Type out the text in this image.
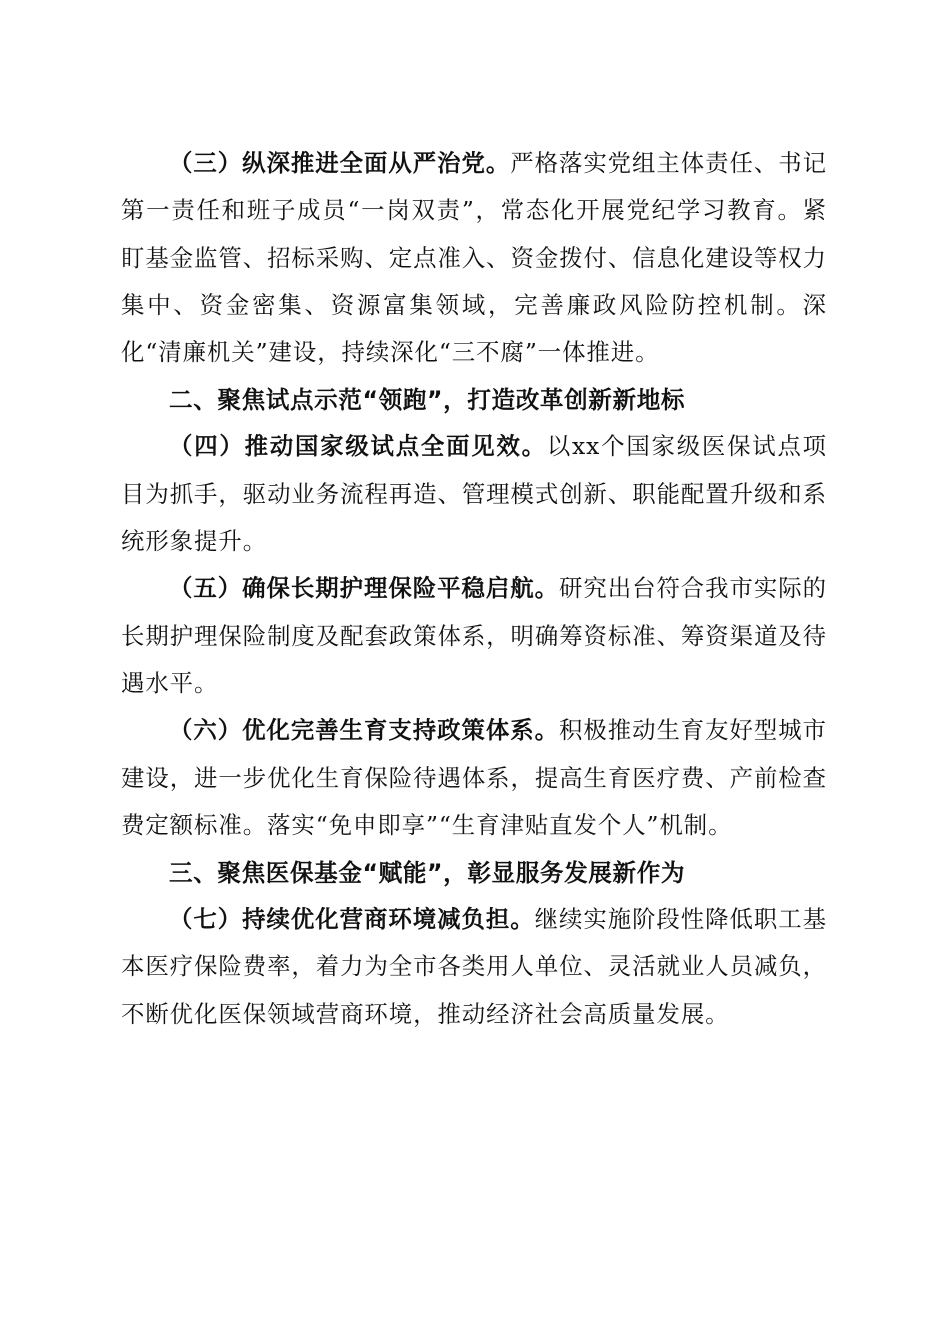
（三）纵深推进全面从严治党。严格落实党组主体责任、书记第一责任和班子成员“一岗双责”，常态化开展党纪学习教育。紧盯基金监管、招标采购、定点准入、资金拨付、信息化建设等权力集中、资金密集、资源富集领域，完善廉政风险防控机制。深化“清廉机关”建设，持续深化“三不腐”一体推进。

二、聚焦试点示范“领跑”，打造改革创新新地标

（四）推动国家级试点全面见效。以xx个国家级医保试点项目为抓手，驱动业务流程再造、管理模式创新、职能配置升级和系统形象提升。

（五）确保长期护理保险平稳启航。研究出台符合我市实际的长期护理保险制度及配套政策体系，明确筹资标准、筹资渠道及待遇水平。

（六）优化完善生育支持政策体系。积极推动生育友好型城市建设，进一步优化生育保险待遇体系，提高生育医疗费、产前检查费定额标准。落实“免申即享”“生育津贴直发个人”机制。

三、聚焦医保基金“赋能”，彰显服务发展新作为

（七）持续优化营商环境减负担。继续实施阶段性降低职工基本医疗保险费率，着力为全市各类用人单位、灵活就业人员减负，不断优化医保领域营商环境，推动经济社会高质量发展。
